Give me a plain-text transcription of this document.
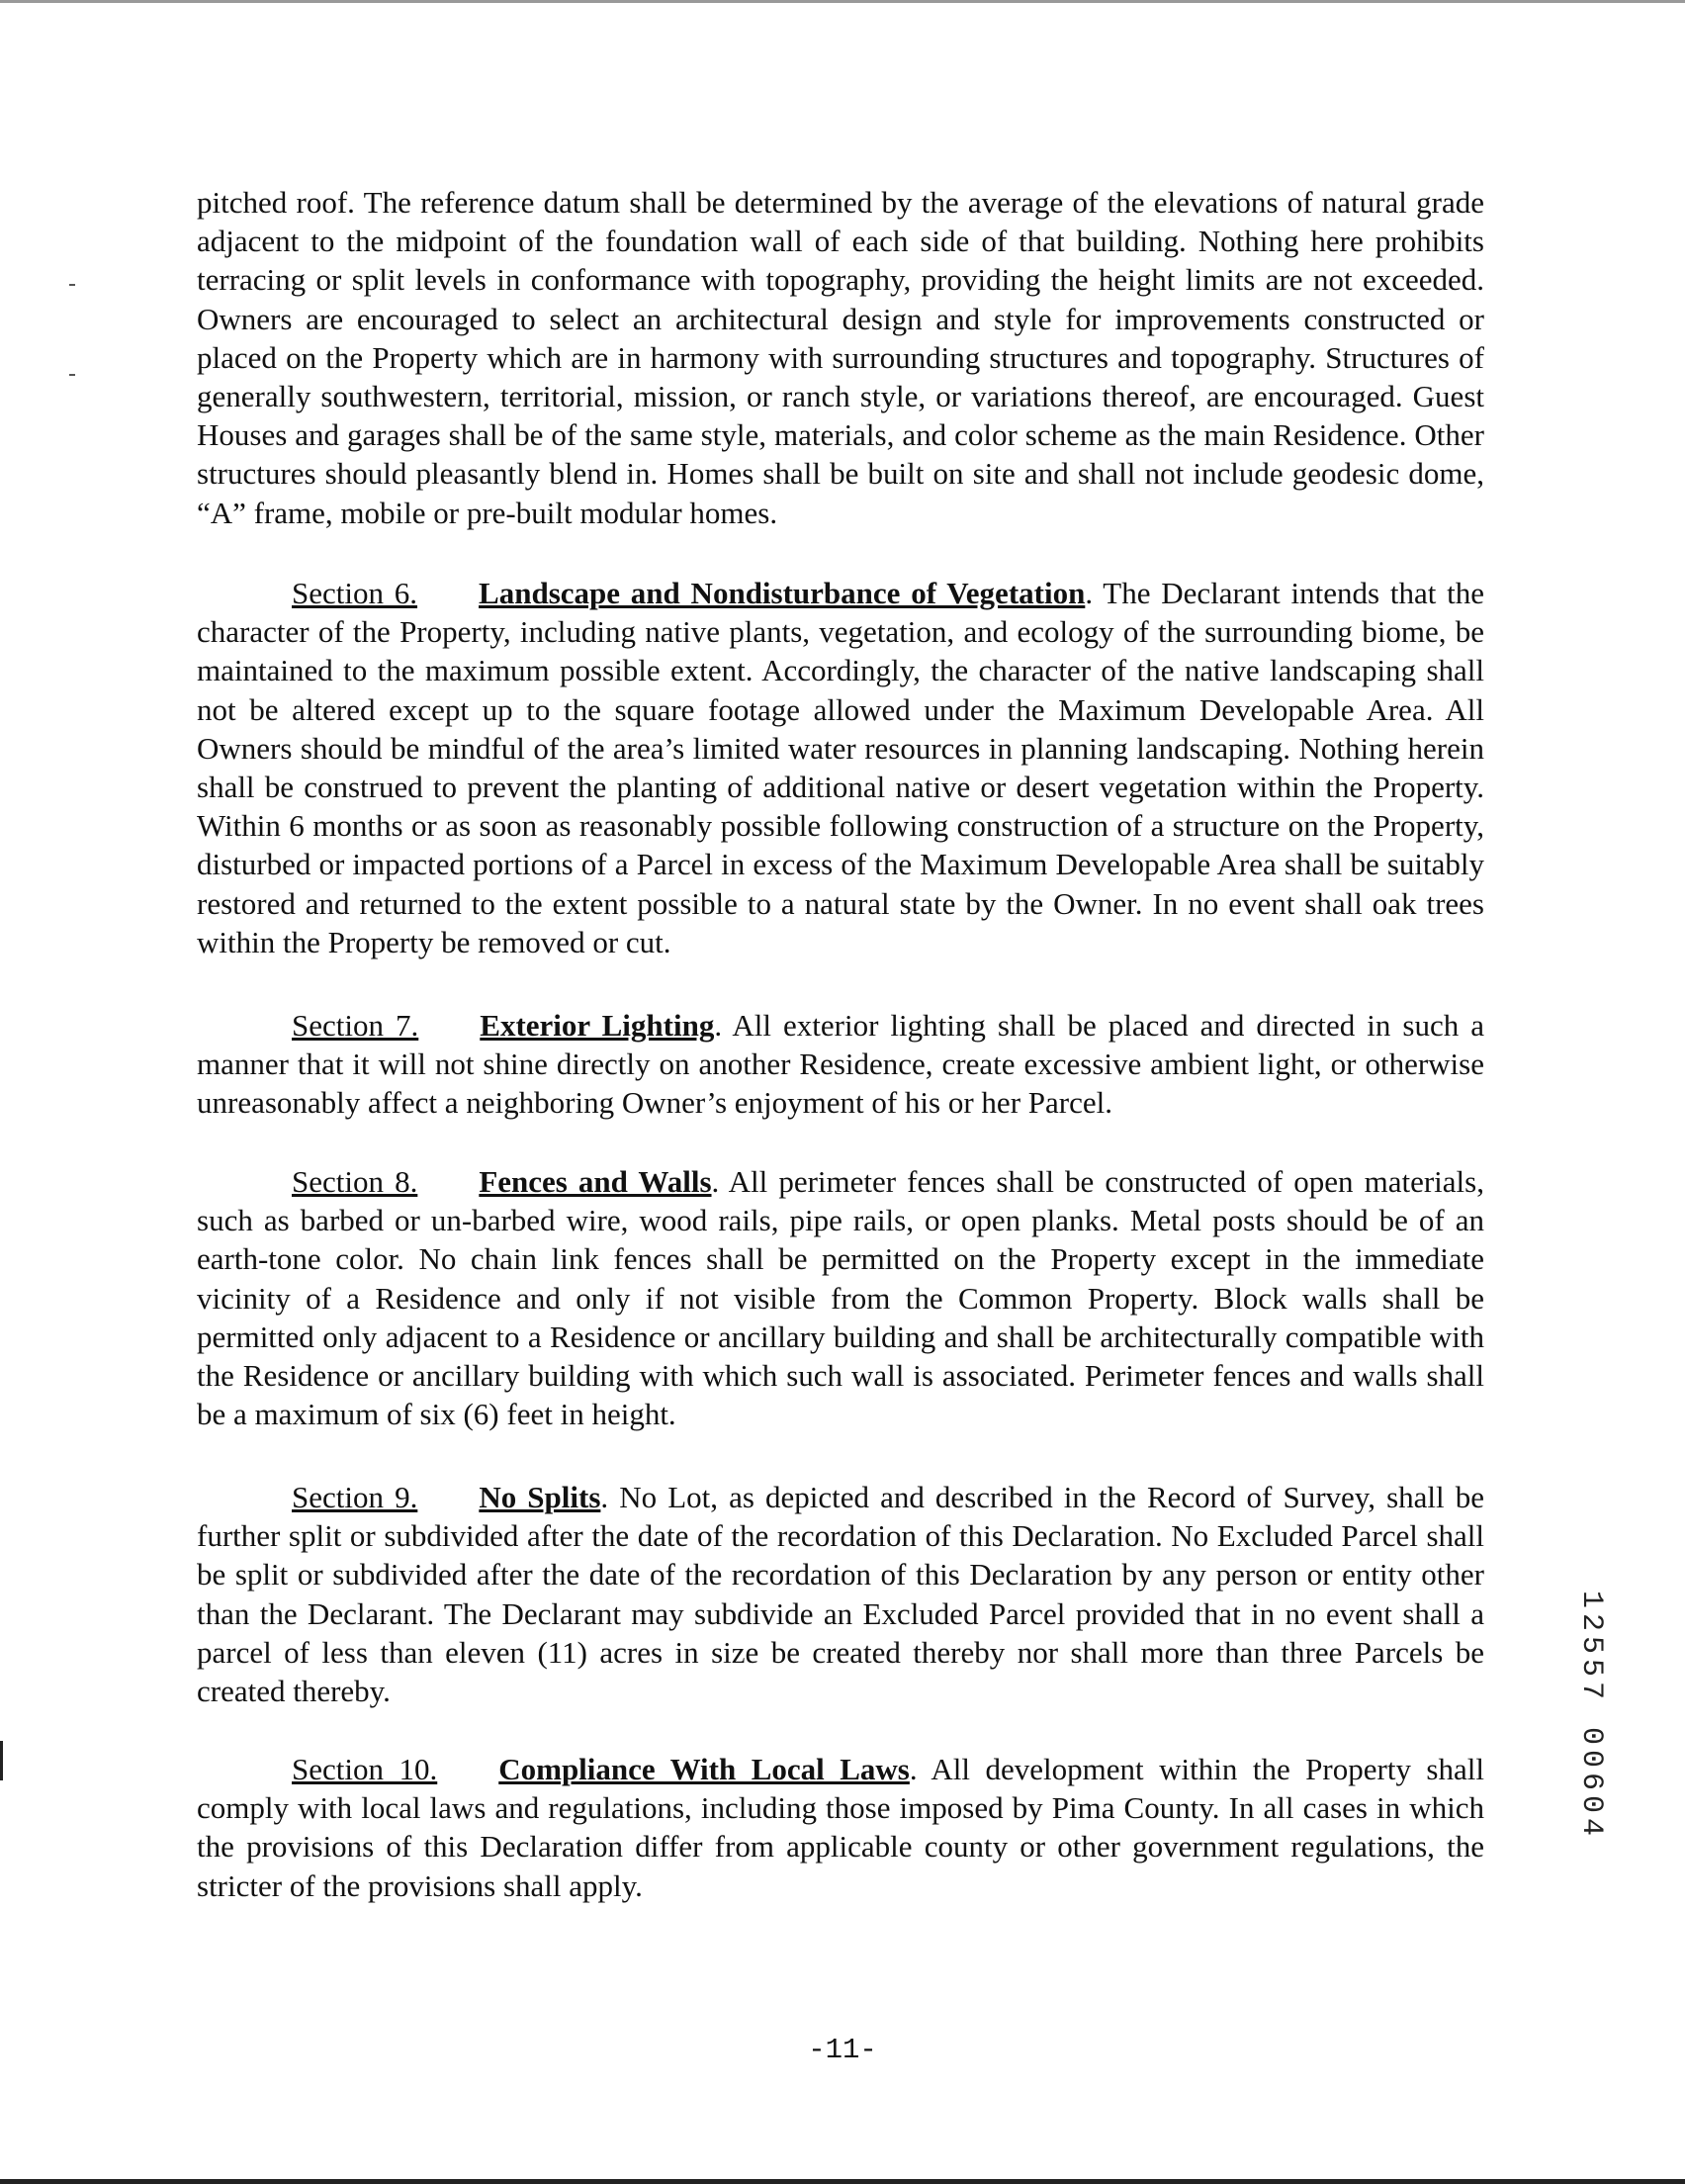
pitched roof. The reference datum shall be determined by the average of the elevations of natural grade adjacent to the midpoint of the foundation wall of each side of that building. Nothing here prohibits terracing or split levels in conformance with topography, providing the height limits are not exceeded. Owners are encouraged to select an architectural design and style for improvements constructed or placed on the Property which are in harmony with surrounding structures and topography. Structures of generally southwestern, territorial, mission, or ranch style, or variations thereof, are encouraged. Guest Houses and garages shall be of the same style, materials, and color scheme as the main Residence. Other structures should pleasantly blend in. Homes shall be built on site and shall not include geodesic dome, “A” frame, mobile or pre-built modular homes.

Section 6. Landscape and Nondisturbance of Vegetation. The Declarant intends that the character of the Property, including native plants, vegetation, and ecology of the surrounding biome, be maintained to the maximum possible extent. Accordingly, the character of the native landscaping shall not be altered except up to the square footage allowed under the Maximum Developable Area. All Owners should be mindful of the area’s limited water resources in planning landscaping. Nothing herein shall be construed to prevent the planting of additional native or desert vegetation within the Property. Within 6 months or as soon as reasonably possible following construction of a structure on the Property, disturbed or impacted portions of a Parcel in excess of the Maximum Developable Area shall be suitably restored and returned to the extent possible to a natural state by the Owner. In no event shall oak trees within the Property be removed or cut.

Section 7. Exterior Lighting. All exterior lighting shall be placed and directed in such a manner that it will not shine directly on another Residence, create excessive ambient light, or otherwise unreasonably affect a neighboring Owner’s enjoyment of his or her Parcel.

Section 8. Fences and Walls. All perimeter fences shall be constructed of open materials, such as barbed or un-barbed wire, wood rails, pipe rails, or open planks. Metal posts should be of an earth-tone color. No chain link fences shall be permitted on the Property except in the immediate vicinity of a Residence and only if not visible from the Common Property. Block walls shall be permitted only adjacent to a Residence or ancillary building and shall be architecturally compatible with the Residence or ancillary building with which such wall is associated. Perimeter fences and walls shall be a maximum of six (6) feet in height.

Section 9. No Splits. No Lot, as depicted and described in the Record of Survey, shall be further split or subdivided after the date of the recordation of this Declaration. No Excluded Parcel shall be split or subdivided after the date of the recordation of this Declaration by any person or entity other than the Declarant. The Declarant may subdivide an Excluded Parcel provided that in no event shall a parcel of less than eleven (11) acres in size be created thereby nor shall more than three Parcels be created thereby.

Section 10. Compliance With Local Laws. All development within the Property shall comply with local laws and regulations, including those imposed by Pima County. In all cases in which the provisions of this Declaration differ from applicable county or other government regulations, the stricter of the provisions shall apply.

12557 00604

-11-
